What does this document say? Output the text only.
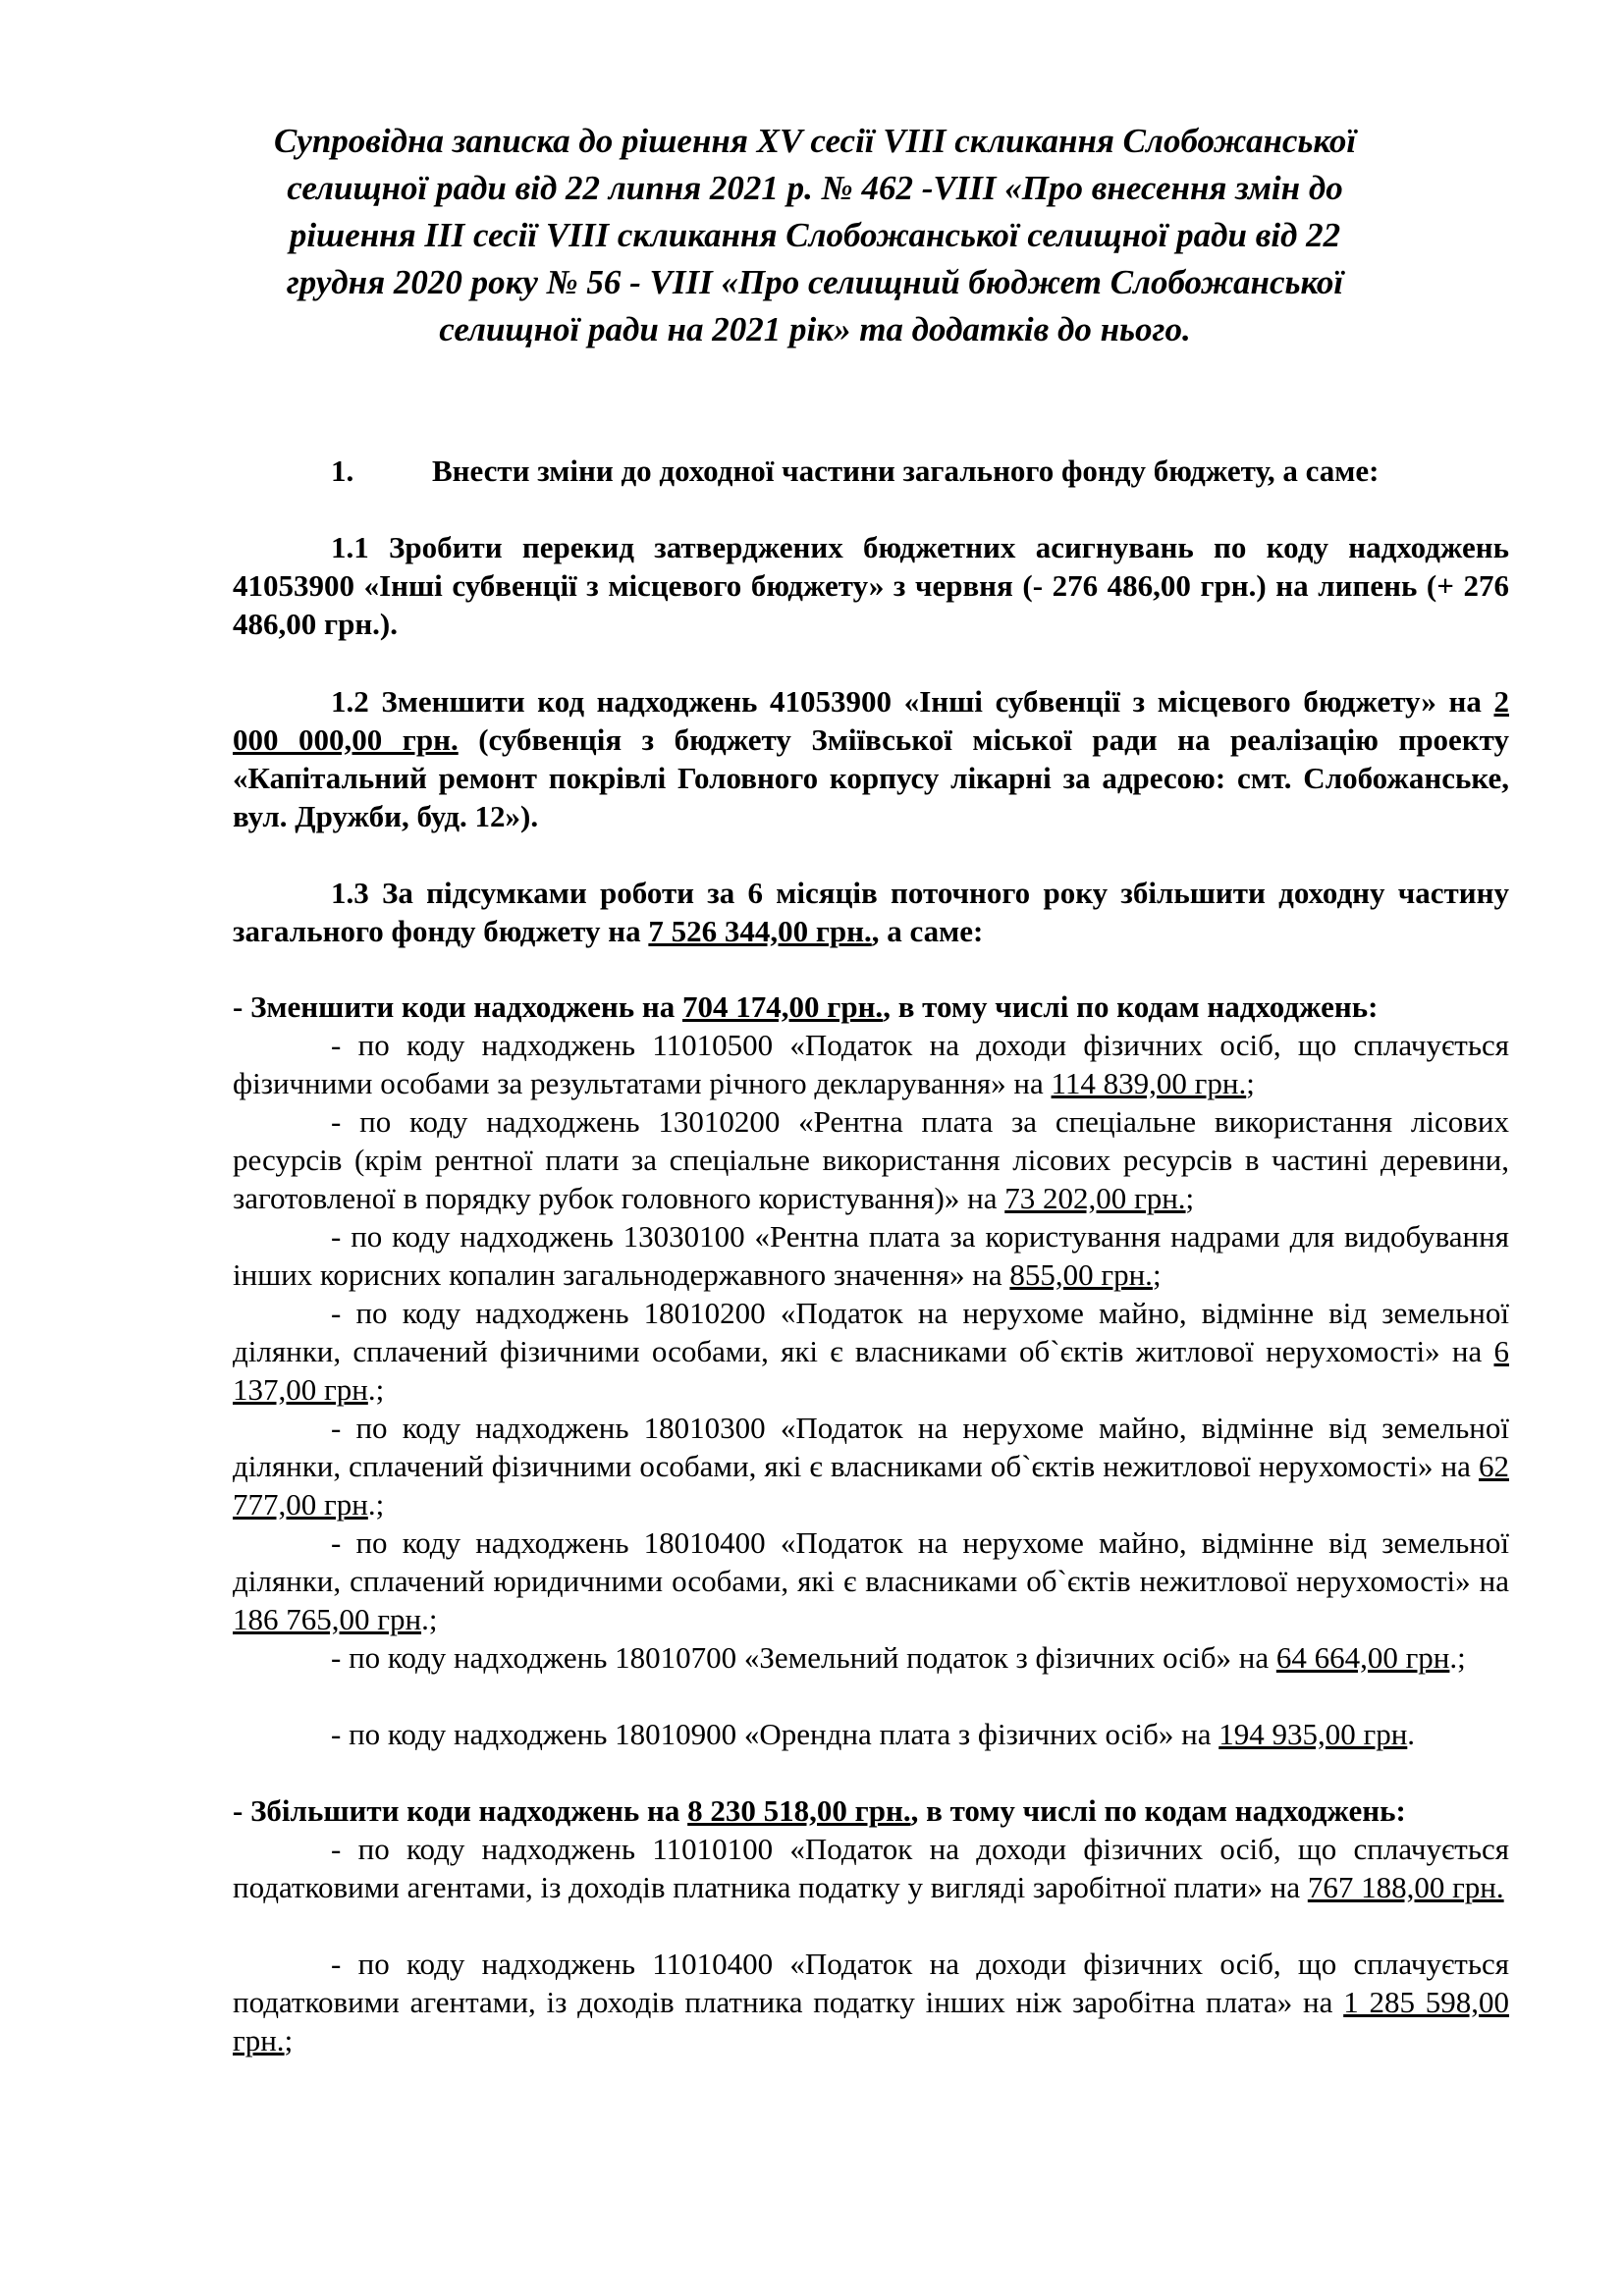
Супровідна записка до рішення XV сесії VIII скликання Слобожанської селищної ради від 22 липня 2021 р. № 462 -VIII «Про внесення змін до рішення III сесії VIII скликання Слобожанської селищної ради від 22 грудня 2020 року № 56 - VIII «Про селищний бюджет Слобожанської селищної ради на 2021 рік» та додатків до нього.
1.	Внести зміни до доходної частини загального фонду бюджету, а саме:
1.1 Зробити перекид затверджених бюджетних асигнувань по коду надходжень 41053900 «Інші субвенції з місцевого бюджету» з червня (- 276 486,00 грн.) на липень (+ 276 486,00 грн.).
1.2 Зменшити код надходжень 41053900 «Інші субвенції з місцевого бюджету» на 2 000 000,00 грн. (субвенція з бюджету Зміївської міської ради на реалізацію проекту «Капітальний ремонт покрівлі Головного корпусу лікарні за адресою: смт. Слобожанське, вул. Дружби, буд. 12»).
1.3 За підсумками роботи за 6 місяців поточного року збільшити доходну частину загального фонду бюджету на 7 526 344,00 грн., а саме:
- Зменшити коди надходжень на 704 174,00 грн., в тому числі по кодам надходжень:
- по коду надходжень 11010500 «Податок на доходи фізичних осіб, що сплачується фізичними особами за результатами річного декларування» на 114 839,00 грн.;
- по коду надходжень 13010200 «Рентна плата за спеціальне використання лісових ресурсів (крім рентної плати за спеціальне використання лісових ресурсів в частині деревини, заготовленої в порядку рубок головного користування)» на 73 202,00 грн.;
- по коду надходжень 13030100 «Рентна плата за користування надрами для видобування інших корисних копалин загальнодержавного значення» на 855,00 грн.;
- по коду надходжень 18010200 «Податок на нерухоме майно, відмінне від земельної ділянки, сплачений фізичними особами, які є власниками об`єктів житлової нерухомості» на 6 137,00 грн.;
- по коду надходжень 18010300 «Податок на нерухоме майно, відмінне від земельної ділянки, сплачений фізичними особами, які є власниками об`єктів нежитлової нерухомості» на 62 777,00 грн.;
- по коду надходжень 18010400 «Податок на нерухоме майно, відмінне від земельної ділянки, сплачений юридичними особами, які є власниками об`єктів нежитлової нерухомості» на 186 765,00 грн.;
- по коду надходжень 18010700 «Земельний податок з фізичних осіб» на 64 664,00 грн.;
- по коду надходжень 18010900 «Орендна плата з фізичних осіб» на 194 935,00 грн.
- Збільшити коди надходжень на 8 230 518,00 грн., в тому числі по кодам надходжень:
- по коду надходжень 11010100 «Податок на доходи фізичних осіб, що сплачується податковими агентами, із доходів платника податку у вигляді заробітної плати» на 767 188,00 грн.
- по коду надходжень 11010400 «Податок на доходи фізичних осіб, що сплачується податковими агентами, із доходів платника податку інших ніж заробітна плата» на 1 285 598,00 грн.;
